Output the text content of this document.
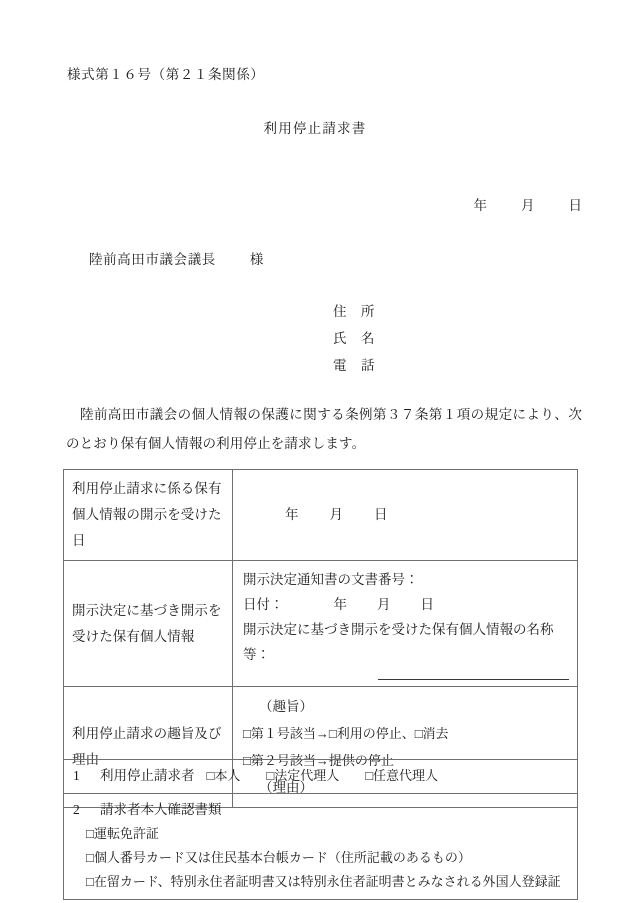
様式第１６号（第２１条関係）
利用停止請求書
年	月	日
陸前高田市議会議長	様
住　所
氏　名
電　話
陸前高田市議会の個人情報の保護に関する条例第３７条第１項の規定により、次のとおり保有個人情報の利用停止を請求します。
利用停止請求に係る保有個人情報の開示を受けた日	年 月 日
開示決定に基づき開示を受けた保有個人情報	開示決定通知書の文書番号：
日付： 年 月 日
開示決定に基づき開示を受けた保有個人情報の名称等：

利用停止請求の趣旨及び理由	（趣旨）
□第１号該当→□利用の停止、□消去
□第２号該当→提供の停止
（理由）
1 利用停止請求者 □本人　　□法定代理人　　□任意代理人
2 請求者本人確認書類
□運転免許証
□個人番号カード又は住民基本台帳カード（住所記載のあるもの）
□在留カード、特別永住者証明書又は特別永住者証明書とみなされる外国人登録証
